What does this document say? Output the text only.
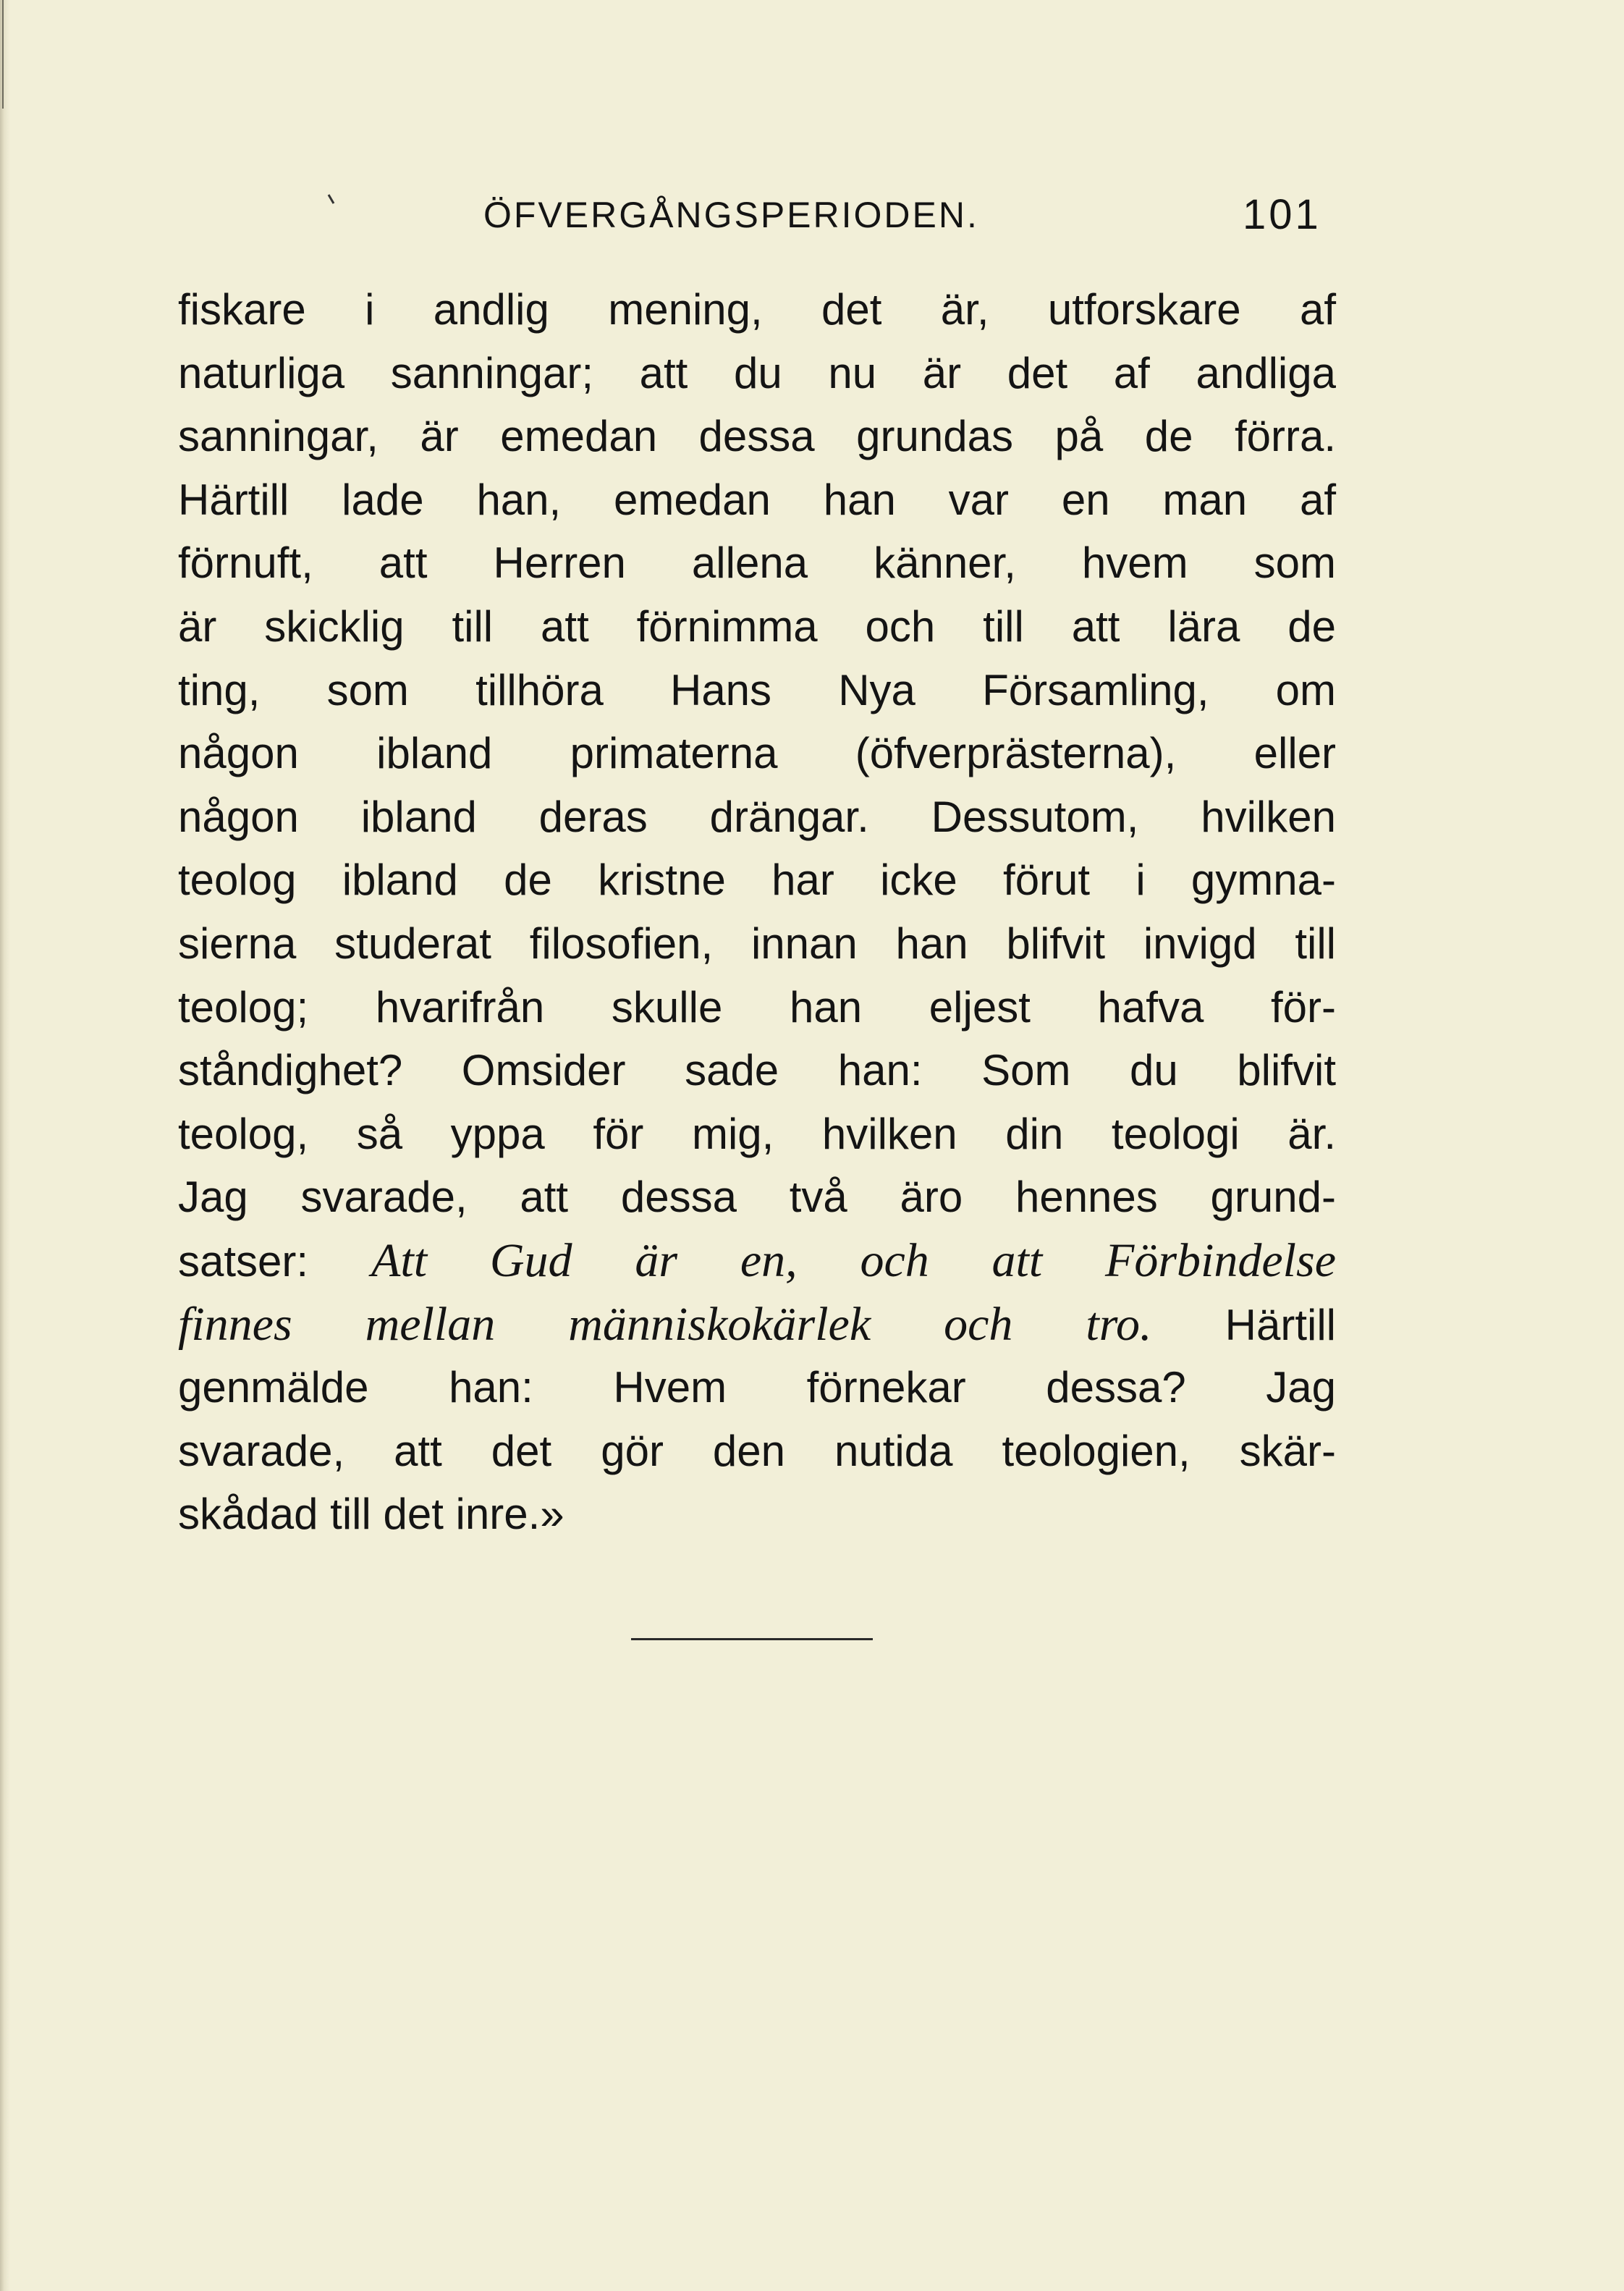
ÖFVERGÅNGSPERIODEN.	101
fiskare i andlig mening, det är, utforskare af
naturliga sanningar; att du nu är det af andliga
sanningar, är emedan dessa grundas på de förra.
Härtill lade han, emedan han var en man af
förnuft, att Herren allena känner, hvem som
är skicklig till att förnimma och till att lära de
ting, som tillhöra Hans Nya Församling, om
någon ibland primaterna (öfverprästerna), eller
någon ibland deras drängar. Dessutom, hvilken
teolog ibland de kristne har icke förut i gymna-
sierna studerat filosofien, innan han blifvit invigd till
teolog; hvarifrån skulle han eljest hafva för-
ståndighet? Omsider sade han: Som du blifvit
teolog, så yppa för mig, hvilken din teologi är.
Jag svarade, att dessa två äro hennes grund-
satser: Att Gud är en, och att Förbindelse
finnes mellan människokärlek och tro. Härtill
genmälde han: Hvem förnekar dessa? Jag
svarade, att det gör den nutida teologien, skär-
skådad till det inre.»
